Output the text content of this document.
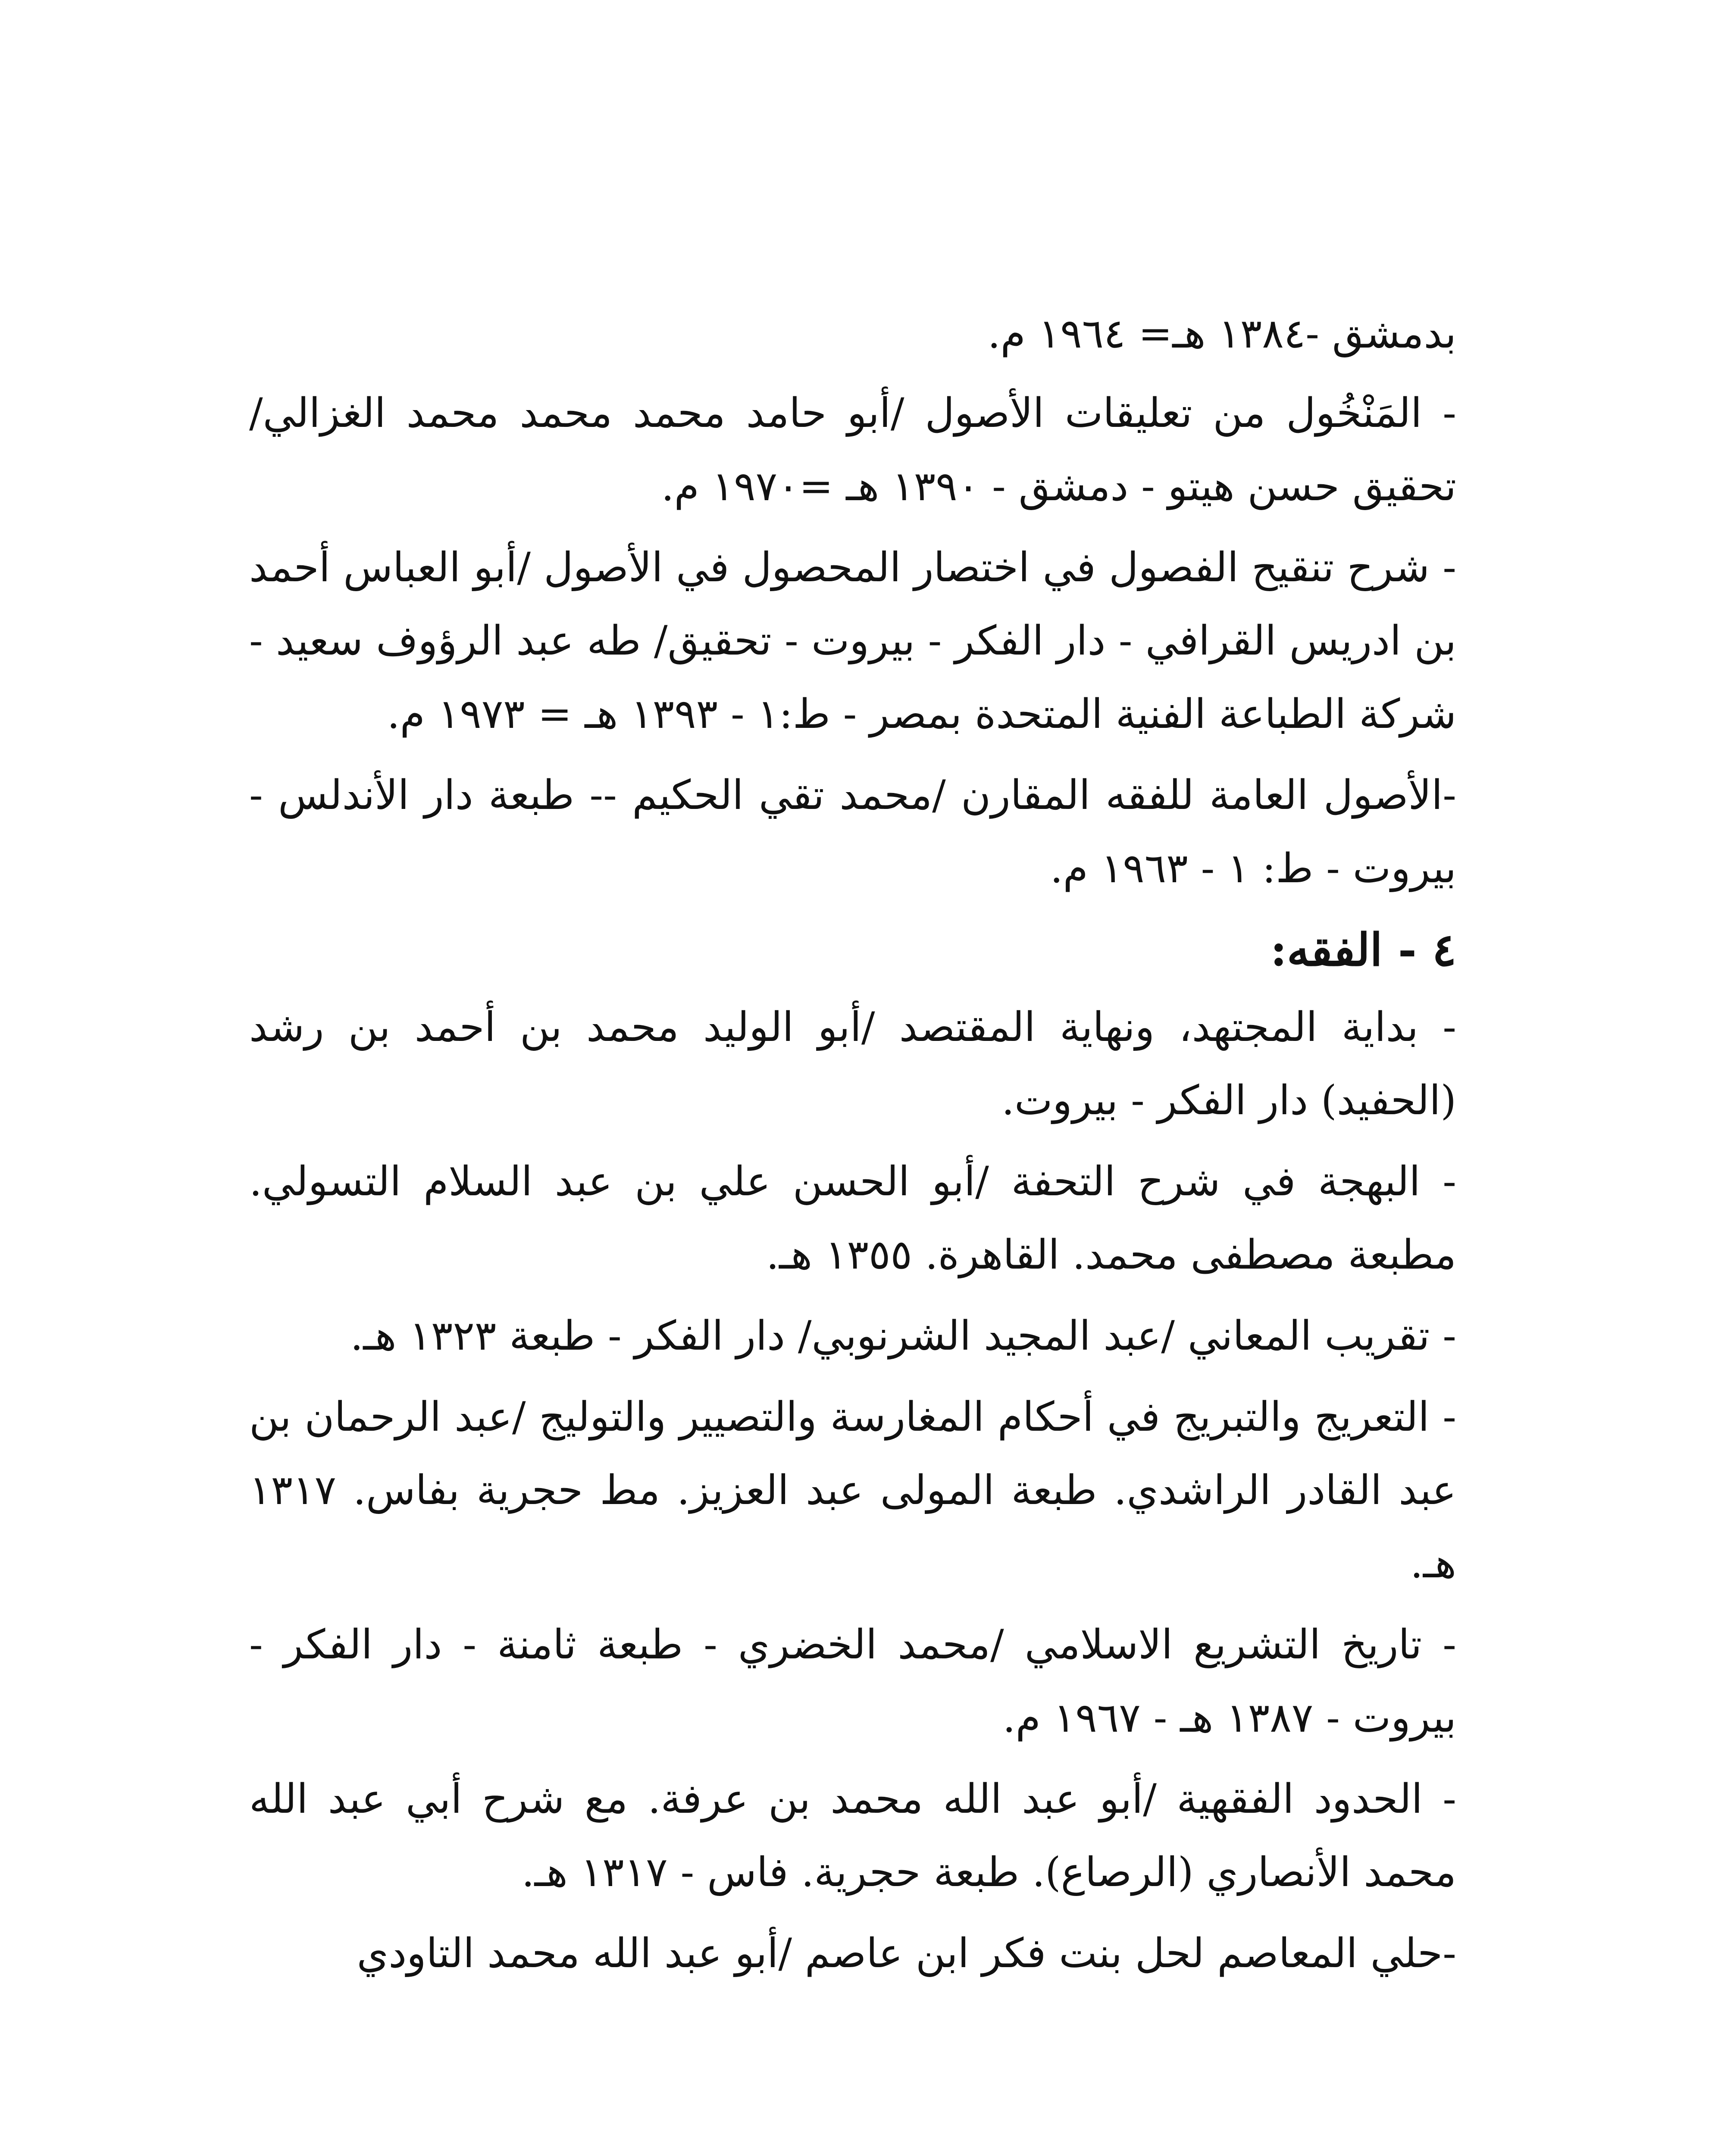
بدمشق -١٣٨٤ هـ= ١٩٦٤ م.
- المَنْخُول من تعليقات الأصول /أبو حامد محمد محمد محمد الغزالي/ تحقيق حسن هيتو - دمشق - ١٣٩٠ هـ =١٩٧٠ م.
- شرح تنقيح الفصول في اختصار المحصول في الأصول /أبو العباس أحمد بن ادريس القرافي - دار الفكر - بيروت - تحقيق/ طه عبد الرؤوف سعيد - شركة الطباعة الفنية المتحدة بمصر - ط:١ - ١٣٩٣ هـ = ١٩٧٣ م.
-الأصول العامة للفقه المقارن /محمد تقي الحكيم -- طبعة دار الأندلس - بيروت - ط: ١ - ١٩٦٣ م.
٤ - الفقه:
- بداية المجتهد، ونهاية المقتصد /أبو الوليد محمد بن أحمد بن رشد (الحفيد) دار الفكر - بيروت.
- البهجة في شرح التحفة /أبو الحسن علي بن عبد السلام التسولي. مطبعة مصطفى محمد. القاهرة. ١٣٥٥ هـ.
- تقريب المعاني /عبد المجيد الشرنوبي/ دار الفكر - طبعة ١٣٢٣ هـ.
- التعريج والتبريج في أحكام المغارسة والتصيير والتوليج /عبد الرحمان بن عبد القادر الراشدي. طبعة المولى عبد العزيز. مط حجرية بفاس. ١٣١٧ هـ.
- تاريخ التشريع الاسلامي /محمد الخضري - طبعة ثامنة - دار الفكر - بيروت - ١٣٨٧ هـ - ١٩٦٧ م.
- الحدود الفقهية /أبو عبد الله محمد بن عرفة. مع شرح أبي عبد الله محمد الأنصاري (الرصاع). طبعة حجرية. فاس - ١٣١٧ هـ.
-حلي المعاصم لحل بنت فكر ابن عاصم /أبو عبد الله محمد التاودي
